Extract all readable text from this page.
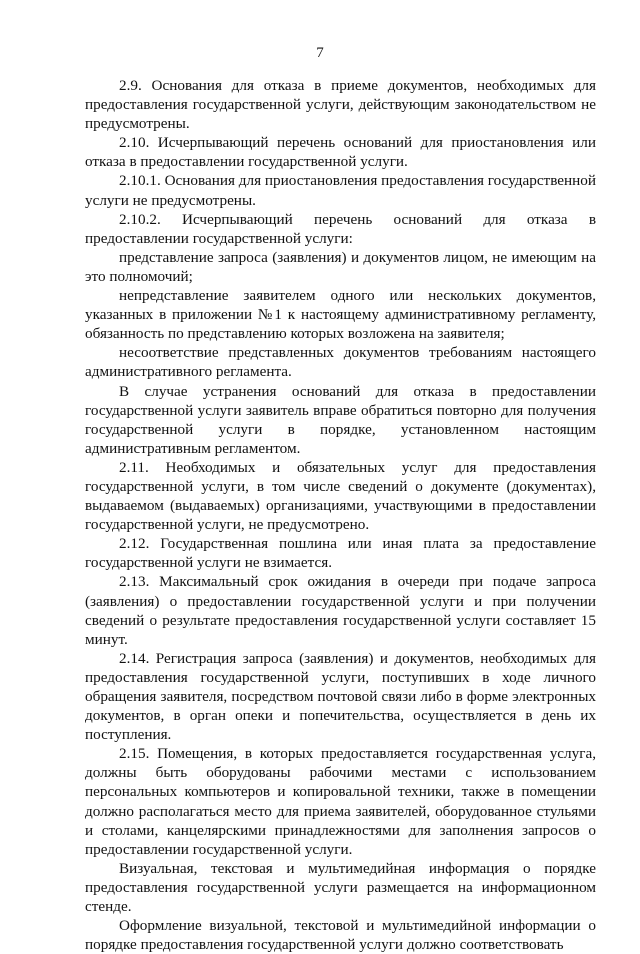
7

2.9. Основания для отказа в приеме документов, необходимых для предоставления государственной услуги, действующим законодательством не предусмотрены.

2.10. Исчерпывающий перечень оснований для приостановления или отказа в предоставлении государственной услуги.

2.10.1. Основания для приостановления предоставления государственной услуги не предусмотрены.

2.10.2. Исчерпывающий перечень оснований для отказа в предоставлении государственной услуги:

представление запроса (заявления) и документов лицом, не имеющим на это полномочий;

непредставление заявителем одного или нескольких документов, указанных в приложении №1 к настоящему административному регламенту, обязанность по представлению которых возложена на заявителя;

несоответствие представленных документов требованиям настоящего административного регламента.

В случае устранения оснований для отказа в предоставлении государственной услуги заявитель вправе обратиться повторно для получения государственной услуги в порядке, установленном настоящим административным регламентом.

2.11. Необходимых и обязательных услуг для предоставления государственной услуги, в том числе сведений о документе (документах), выдаваемом (выдаваемых) организациями, участвующими в предоставлении государственной услуги, не предусмотрено.

2.12. Государственная пошлина или иная плата за предоставление государственной услуги не взимается.

2.13. Максимальный срок ожидания в очереди при подаче запроса (заявления) о предоставлении государственной услуги и при получении сведений о результате предоставления государственной услуги составляет 15 минут.

2.14. Регистрация запроса (заявления) и документов, необходимых для предоставления государственной услуги, поступивших в ходе личного обращения заявителя, посредством почтовой связи либо в форме электронных документов, в орган опеки и попечительства, осуществляется в день их поступления.

2.15. Помещения, в которых предоставляется государственная услуга, должны быть оборудованы рабочими местами с использованием персональных компьютеров и копировальной техники, также в помещении должно располагаться место для приема заявителей, оборудованное стульями и столами, канцелярскими принадлежностями для заполнения запросов о предоставлении государственной услуги.

Визуальная, текстовая и мультимедийная информация о порядке предоставления государственной услуги размещается на информационном стенде.

Оформление визуальной, текстовой и мультимедийной информации о порядке предоставления государственной услуги должно соответствовать
